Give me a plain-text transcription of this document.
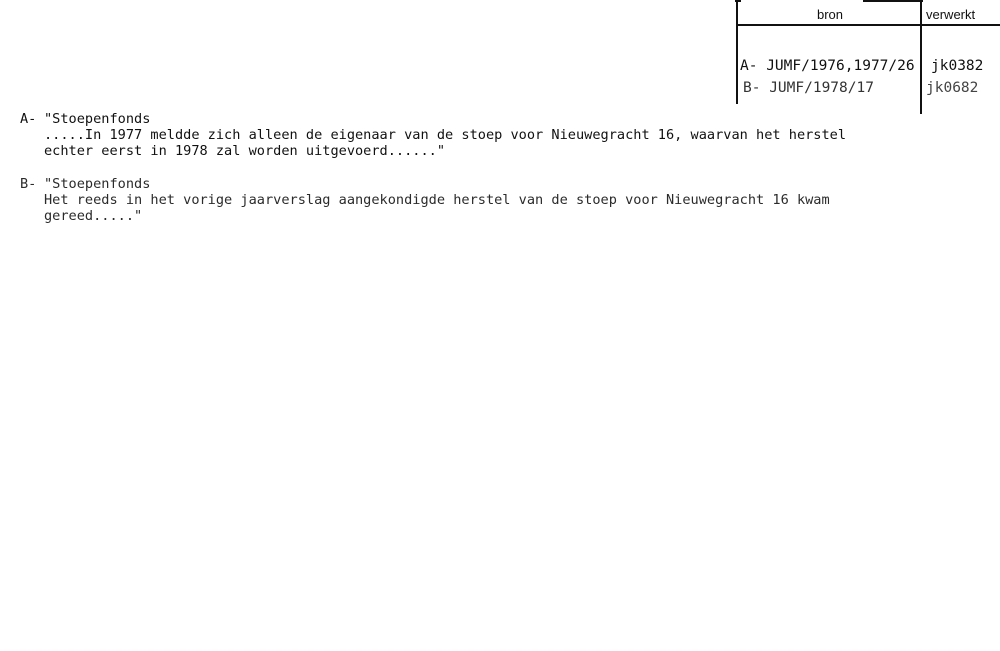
bron	verwerkt
A- JUMF/1976,1977/26 jk0382
B- JUMF/1978/17	jk0682

A-

"Stoepenfonds

.....In 1977 meldde zich alleen de eigenaar van de stoep voor Nieuwegracht 16, waarvan het herstel

echter eerst in 1978 zal worden uitgevoerd......"

B-

"Stoepenfonds

Het reeds in het vorige jaarverslag aangekondigde herstel van de stoep voor Nieuwegracht 16 kwam

gereed....."
